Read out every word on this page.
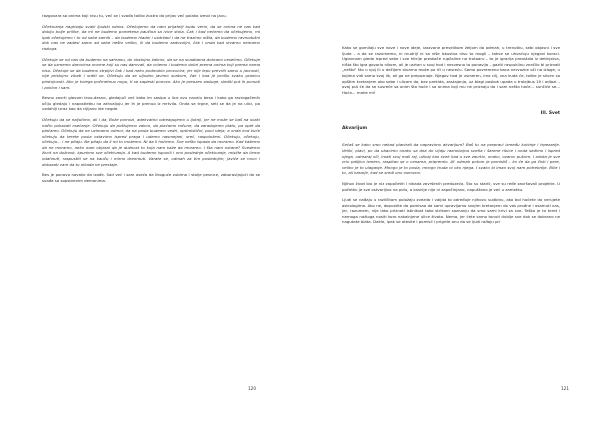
razgovara sa onima koji nisu tu, već se i svađa toliko žustro da prijav već polako izmoi na javu.

Očekivanja nagrizaju svaki ljudski odnos. Očekujemo da nam prijatelji budu verni, da se ovima ne nas kad dobiju bolje prilike, da mi ne budemo pometena paučina sa ivice stola. Čak i kad nećemo da očekujemo, mi ipak očekujemo i to od sebe samih – da budemo hladni i uzdržani i da ne trazimo ništa, da budemo ravnodušni dok nas ne zadesi samo ad sebe nešto veliko, ili da budemo zadovoljni, čak i onda kad stvarno nemamo razloga.

Očekuje se od nas da budemo na sahranu, do obstojno žalimo, da se na svadbama dobrano veselimo. Očekuje se da uzmemo darovima onome koji su nas darovali, da volemo i budemo dobri prema onima koji prema nama nisu. Očekuje se da budemo strpljivi čak i kad neko podmuklo provocira, jer nije lepo prevriti samu u javnosti, nije pristojno vikati i srditi se. Očekuju da se ulјudno javimo svakom, čak i kad je prošlo svaku granicu pristojnosti. Ako je kolega počmetnuo nogu, ti se saplesti ponovo. Ako je preuzeo zasluge, slediti put ih ponudi i poklon i sam.

Besno zavrti glavom levo-desno, gledajući već kako im sasipa u lice ovu navalu besa i kako ga razrogačenih očiju gledaju i napostletku na zahvaljuju jer ih je prenuo iz mrtvila. Onda se trgne, seti se da je na ulici, pa uzdahlji izraz kao da cijljano ide negde.

Očekuju da se naljutimo, ali i da, Bože pomozi, adekvatno odreagujemo u ljutnji, jer ne može se baš na svaki način pokazati osećanje. Očekuju da poštujemo zakon, da plaćamo račune, da zaradujemo platu, pa opet da plaćamo. Očekuju da ne uzimamo odmor, da na posla budemo vedri, optimistični, puni ideja, a onda kod kuće očekuju da terete posla ostavimo ispred praga i udemo nasmejani, sreć, raspoloženi. Očekuju, očekuju, očekuju... i ne pitaju. Ne pitaju da li mi to možemo. Ni da li hoćemo. Sve nešto ispada da moramo. Kad kažemo da ne moramo, neko nam objasni da je dužnost to koja nam kaže da moramo. I šta nam ostane? Svedemo život na dužnost, kpunimo sve očekivanja. A kad budemo ispunili i ono poslednje očekivanje, mislite da ćemo odahnuti, raspustiti se na kauču i mirno drenmuti. Varate se, odmah za tim poslednjim, javiće se novo i dokazati vam da to nikada ne prestaje.

Bes je ponovo navalio da izađe. Sad već i sam oseća da likoguće zubima i stolje pesnice, zaboravljajući da se svađa sa sopstvenim demonima.

120

Kako se gomilaju sve nove i nove ideje, izazvane prevelikom željom da odmah, u trenutku, sebi objasni i sve ljude – a da se razumemo, ni mudriji ni sa više iskustva nisu to mogli – takve se uhvaćuju njegovi koraci. Uglavnom gleda ispred sebe i sve hitrije preskače rupčaline na trotoaru – to je igrarija preostala iz detinjstva, ništa što igra govorio nikom, ali je usrtan u svoj hod i nesvesno to ponavlja – gaziti raspuklinu značilo bi prizvati „nešto“ što u njoj ili u dečijem stvarno može po ići u nesreću. Samo povremeno baca nervozne oči na izloge, u kojima vidi samo svoj lik, ali ga ne prepoznaje. Njegov hod je usmeren, ima cilj, zna kuda će, tolike je sliven sa opštim kretanjem oko sebe i ulicom da, bez prekida, zastajanja, uz blagi poskok upada u trolejbus 19 i odlazi... ovaj put će da se susreće sa onim što hoće i sa onima koji mu ne priznaju da i sam nešto hoće... sunčiće se... Hoće... mahe mi!

III. Svet
Akvarijum

Sećaš se kako smo nekad planirali da napravimo akvarijum? Baš tu na prepravi između kuhinje i trpezarije. Veliki, plavi, po da ubacimo onako sa dna do vijaju raznobojna svetla i šarene ribice i onda sedimo i ispred njega, odmaraj oči, imati svoj mali raj, uživaj kao svek kad u sve zavrtio, onako, ozarov pukom. I zaista je sve vrlo palijivo izmero, raspitao se o cenama, pripremio. Al' odmah potom je pomisliš – ko će da ga čisti i pere, veliko je to ulaganje. Mnogo je to posla, mnogo truda ni oko njega. I svako bi imao svoj nam potrebnije. Biće i to, ali kasnije, kad se sredi ono osnovno.

Njihov život bio je niz započetih i nikada završenih preduzeća. Što su starili, sve su ređe završavali projekte. U početku je sve ostvarljivo na polu, a kasnije nije ni započinjano, napuštano je već u zametku.

Ljudi se nađaju u različitom položaju zvezda i valjda to određuje njihovu sudbinu, ako bol hoćete da verujete astrologima. Ako ne, dopustite da pomisao da sami upravljamo svojim kretanjem do vas prođne i osamuti vas, jer, razumem, nije lako priznati istinitost tako strikom saznanju da smo sami krivi za sve. Teško je to teret i nemoga nažloga nositi koro nakalnjene ulice života. Nema, jer ćete samo tonuti dublje sve dok se dobrano ne nagutate blata. Dakle, ipak se otesite i pomisli i prigrite onu da se ljudi rađaju pri

121
